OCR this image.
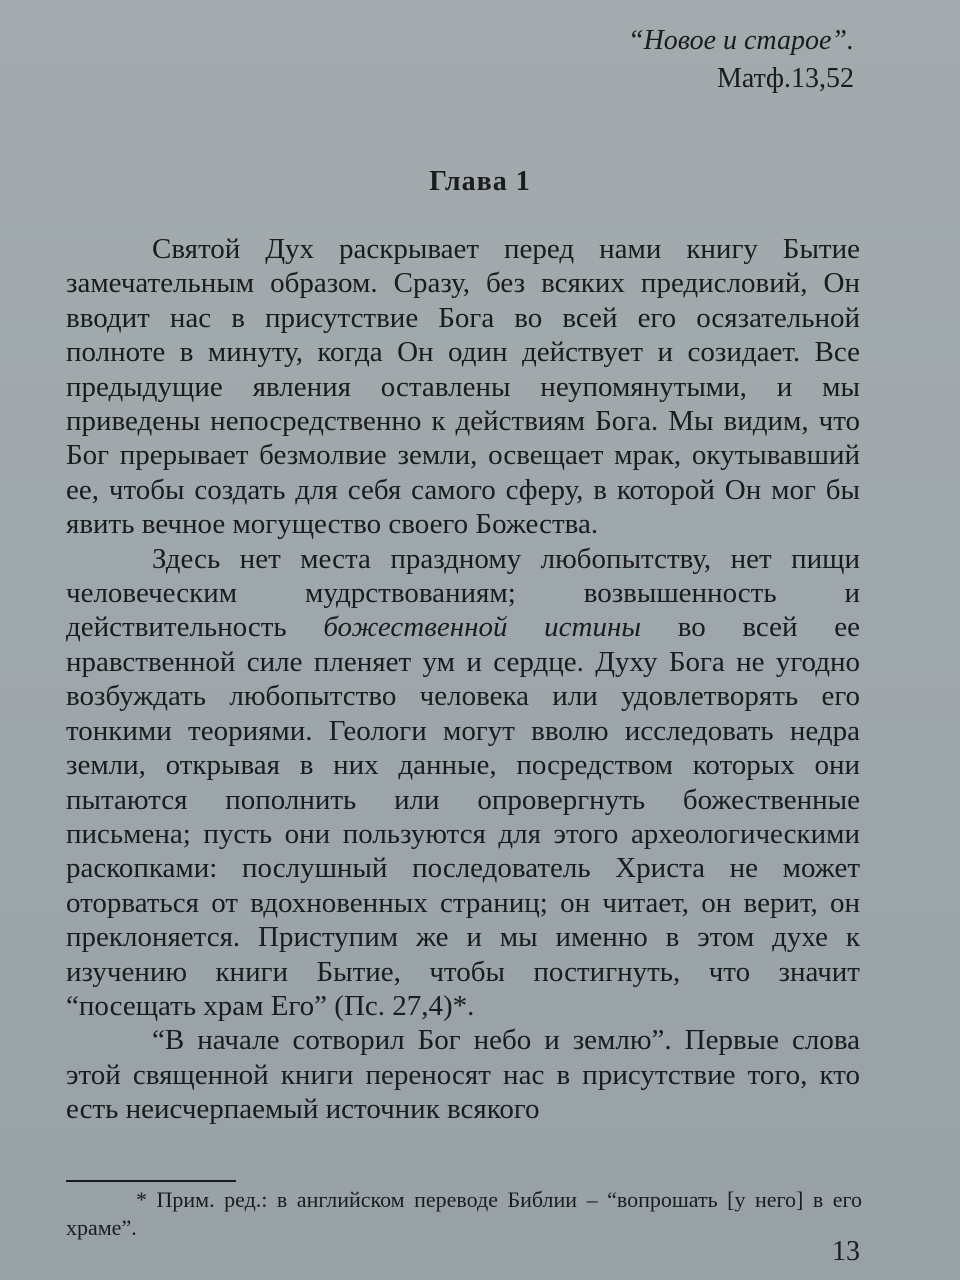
“Новое и старое”.
Матф.13,52
Глава 1

Святой Дух раскрывает перед нами книгу Бытие замечательным образом. Сразу, без всяких предисловий, Он вводит нас в присутствие Бога во всей его осязательной полноте в минуту, когда Он один действует и созидает. Все предыдущие явления оставлены неупомянутыми, и мы приведены непосредственно к действиям Бога. Мы видим, что Бог прерывает безмолвие земли, освещает мрак, окутывавший ее, чтобы создать для себя самого сферу, в которой Он мог бы явить вечное могущество своего Божества.

Здесь нет места праздному любопытству, нет пищи человеческим мудрствованиям; возвышенность и действительность божественной истины во всей ее нравственной силе пленяет ум и сердце. Духу Бога не угодно возбуждать любопытство человека или удовлетворять его тонкими теориями. Геологи могут вволю исследовать недра земли, открывая в них данные, посредством которых они пытаются пополнить или опровергнуть божественные письмена; пусть они пользуются для этого археологическими раскопками: послушный последователь Христа не может оторваться от вдохновенных страниц; он читает, он верит, он преклоняется. Приступим же и мы именно в этом духе к изучению книги Бытие, чтобы постигнуть, что значит “посещать храм Его” (Пс. 27,4)*.

“В начале сотворил Бог небо и землю”. Первые слова этой священной книги переносят нас в присутствие того, кто есть неисчерпаемый источник всякого

* Прим. ред.: в английском переводе Библии – “вопрошать [у него] в его храме”.

13
